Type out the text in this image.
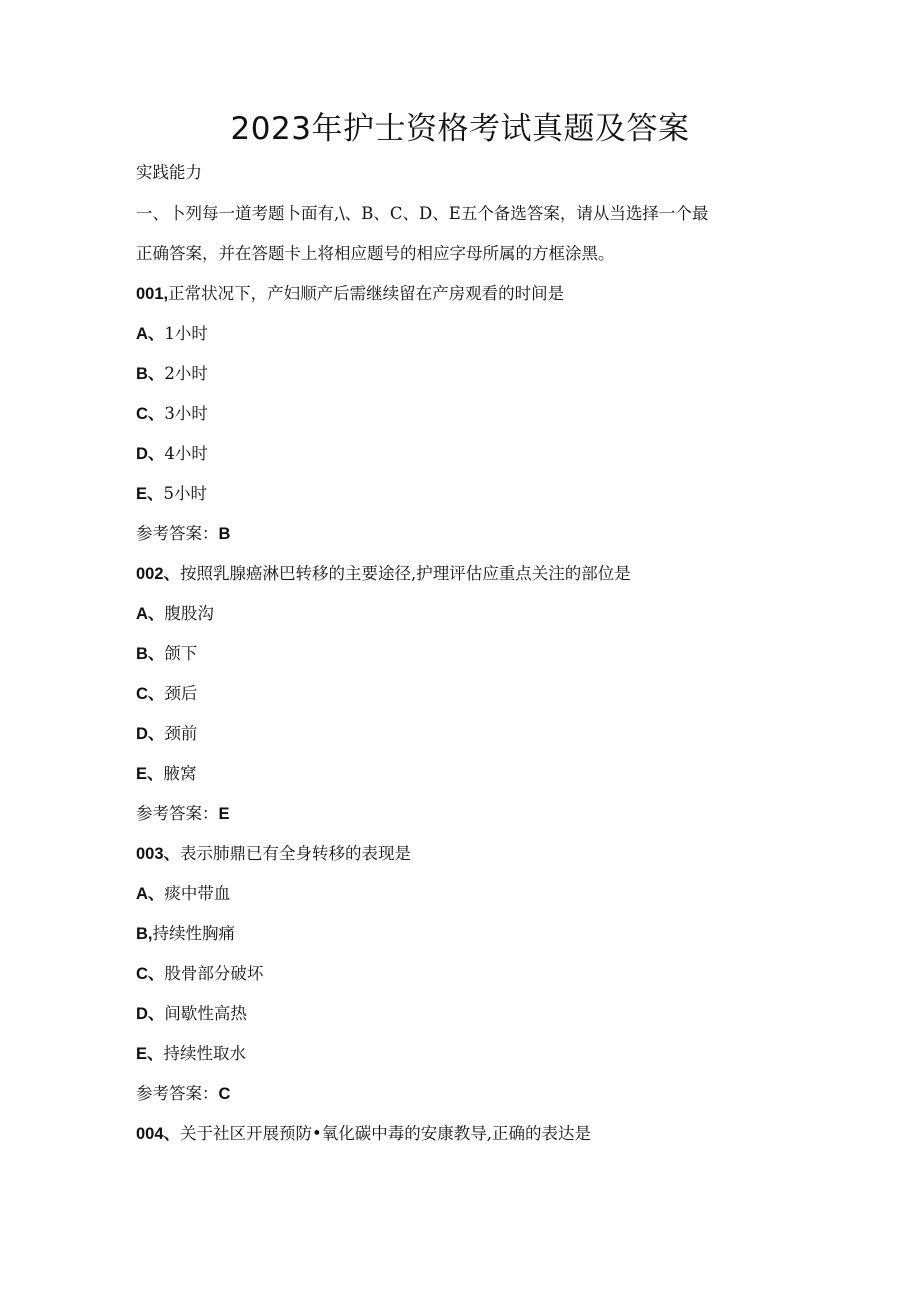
2023年护士资格考试真题及答案
实践能力
一、卜列每一道考题卜面有,\、B、C、D、E五个备选答案，请从当选择一个最
正确答案，并在答题卡上将相应题号的相应字母所属的方框涂黑。
001,正常状况下，产妇顺产后需继续留在产房观看的时间是
A、1小时
B、2小时
C、3小时
D、4小时
E、5小时
参考答案：B
002、按照乳腺癌淋巴转移的主要途径,护理评估应重点关注的部位是
A、腹股沟
B、颌下
C、颈后
D、颈前
E、腋窝
参考答案：E
003、表示肺鼎已有全身转移的表现是
A、痰中带血
B,持续性胸痛
C、股骨部分破坏
D、间歇性高热
E、持续性取水
参考答案：C
004、关于社区开展预防•氧化碳中毒的安康教导,正确的表达是
